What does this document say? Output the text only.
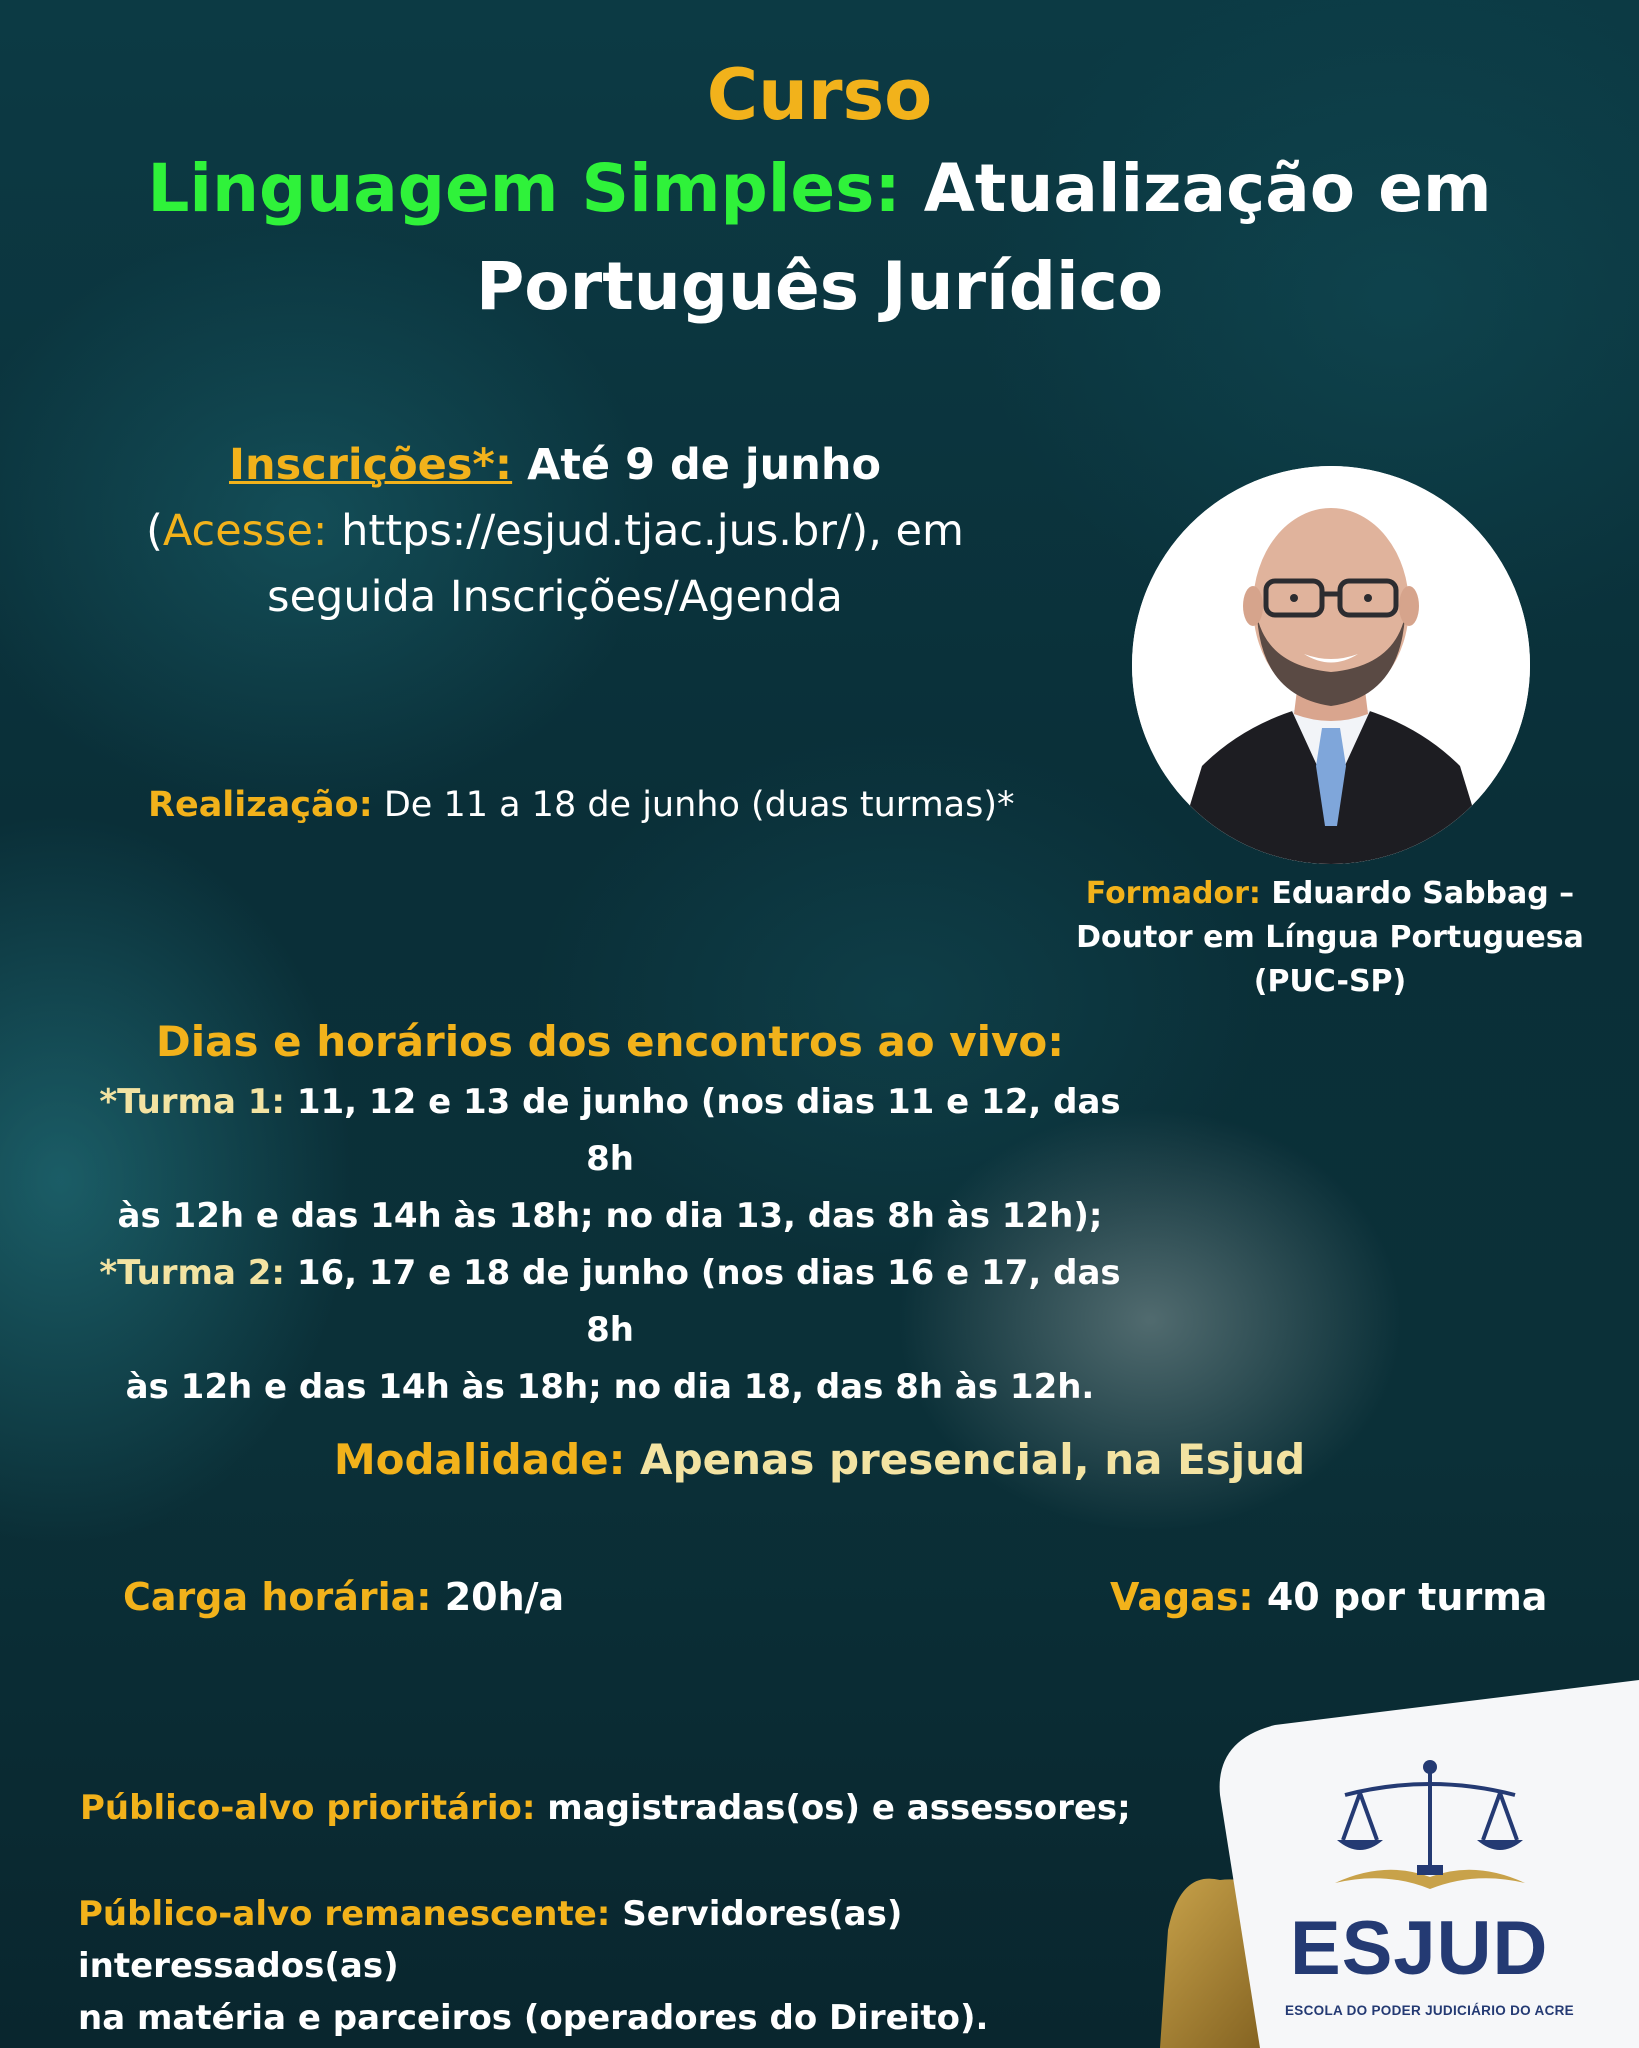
Curso
Linguagem Simples: Atualização em
Português Jurídico
Inscrições*: Até 9 de junho
(Acesse: https://esjud.tjac.jus.br/), em
seguida Inscrições/Agenda
Formador: Eduardo Sabbag –
Doutor em Língua Portuguesa
(PUC-SP)
Realização: De 11 a 18 de junho (duas turmas)*
Dias e horários dos encontros ao vivo:
*Turma 1: 11, 12 e 13 de junho (nos dias 11 e 12, das 8h
às 12h e das 14h às 18h; no dia 13, das 8h às 12h);
*Turma 2: 16, 17 e 18 de junho (nos dias 16 e 17, das 8h
às 12h e das 14h às 18h; no dia 18, das 8h às 12h.
Modalidade: Apenas presencial, na Esjud
Carga horária: 20h/a	Vagas: 40 por turma
Público-alvo prioritário: magistradas(os) e assessores;
Público-alvo remanescente: Servidores(as) interessados(as)
na matéria e parceiros (operadores do Direito).
ESJUD
ESCOLA DO PODER JUDICIÁRIO DO ACRE
